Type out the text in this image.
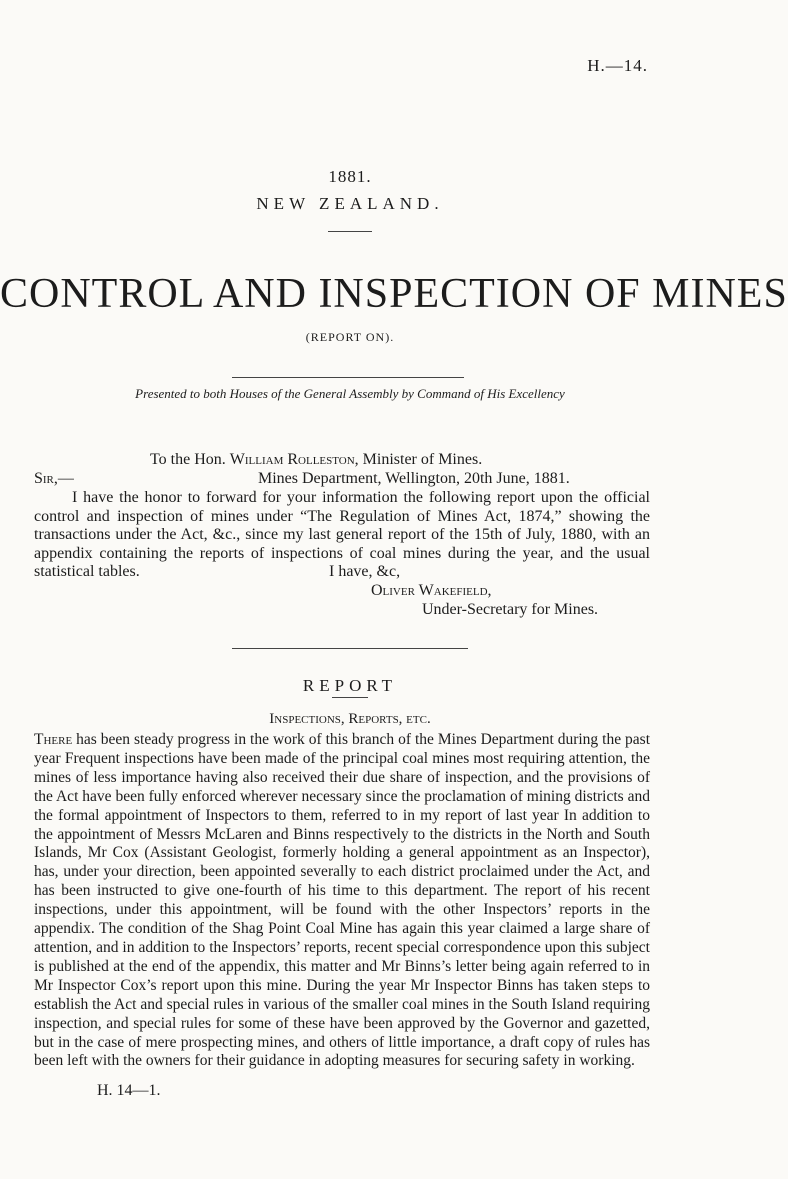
H.—14.
1881.
NEW ZEALAND.
CONTROL AND INSPECTION OF MINES
(REPORT ON).
Presented to both Houses of the General Assembly by Command of His Excellency
To the Hon. William Rolleston, Minister of Mines.
Sir,—	Mines Department, Wellington, 20th June, 1881.
I have the honor to forward for your information the following report upon the official control and inspection of mines under “The Regulation of Mines Act, 1874,” showing the transactions under the Act, &c., since my last general report of the 15th of July, 1880, with an appendix containing the reports of inspections of coal mines during the year, and the usual statistical tables.	I have, &c,
Oliver Wakefield,
Under-Secretary for Mines.
REPORT
Inspections, Reports, etc.

There has been steady progress in the work of this branch of the Mines Department during the past year Frequent inspections have been made of the principal coal mines most requiring attention, the mines of less importance having also received their due share of inspection, and the provisions of the Act have been fully enforced wherever necessary since the proclamation of mining districts and the formal appointment of Inspectors to them, referred to in my report of last year In addition to the appointment of Messrs McLaren and Binns respectively to the districts in the North and South Islands, Mr Cox (Assistant Geologist, formerly holding a general appointment as an Inspector), has, under your direction, been appointed severally to each district proclaimed under the Act, and has been instructed to give one-fourth of his time to this department. The report of his recent inspections, under this appointment, will be found with the other Inspectors’ reports in the appendix. The condition of the Shag Point Coal Mine has again this year claimed a large share of attention, and in addition to the Inspectors’ reports, recent special correspondence upon this subject is published at the end of the appendix, this matter and Mr Binns’s letter being again referred to in Mr Inspector Cox’s report upon this mine. During the year Mr Inspector Binns has taken steps to establish the Act and special rules in various of the smaller coal mines in the South Island requiring inspection, and special rules for some of these have been approved by the Governor and gazetted, but in the case of mere prospecting mines, and others of little importance, a draft copy of rules has been left with the owners for their guidance in adopting measures for securing safety in working.

H. 14—1.
